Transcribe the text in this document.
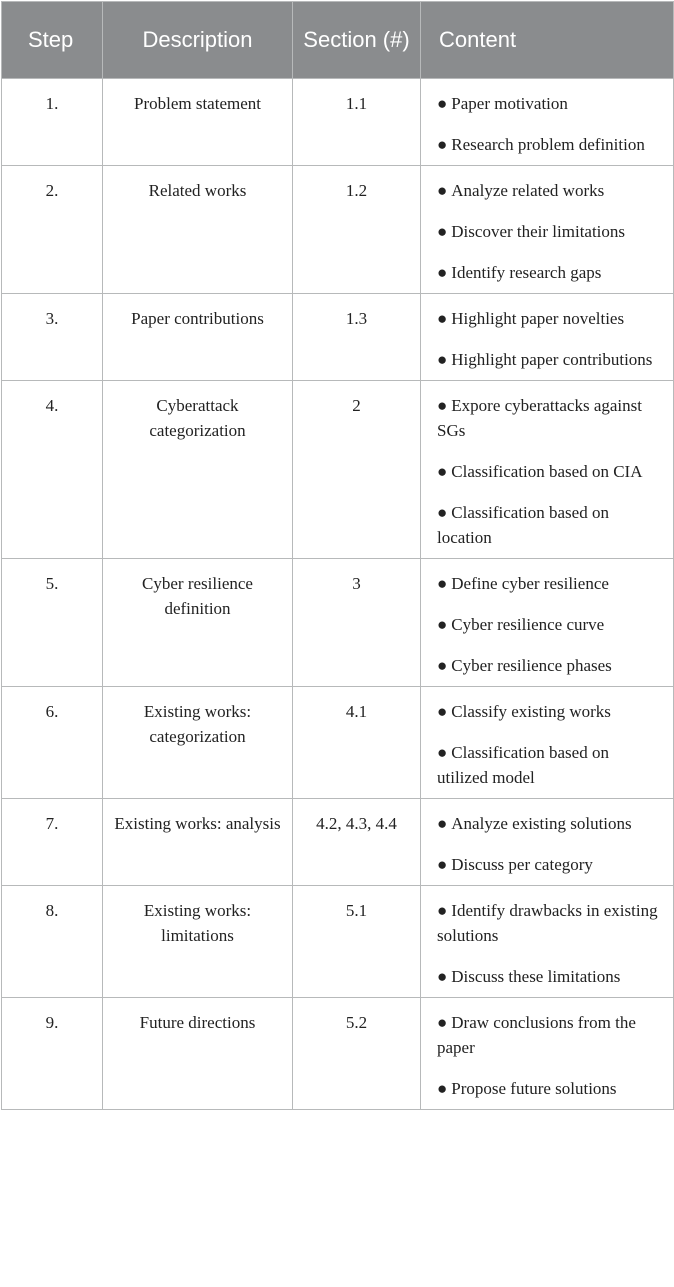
Step	Description	Section (#)	Content
1.	Problem statement	1.1	● Paper motivation
● Research problem definition

2.	Related works	1.2	● Analyze related works
● Discover their limitations
● Identify research gaps

3.	Paper contributions	1.3	● Highlight paper novelties
● Highlight paper contributions

4.	Cyberattack categorization	2	● Expore cyberattacks against SGs
● Classification based on CIA
● Classification based on location

5.	Cyber resilience definition	3	● Define cyber resilience
● Cyber resilience curve
● Cyber resilience phases

6.	Existing works: categorization	4.1	● Classify existing works
● Classification based on utilized model

7.	Existing works: analysis	4.2, 4.3, 4.4	● Analyze existing solutions
● Discuss per category

8.	Existing works: limitations	5.1	● Identify drawbacks in existing solutions
● Discuss these limitations

9.	Future directions	5.2	● Draw conclusions from the paper
● Propose future solutions
